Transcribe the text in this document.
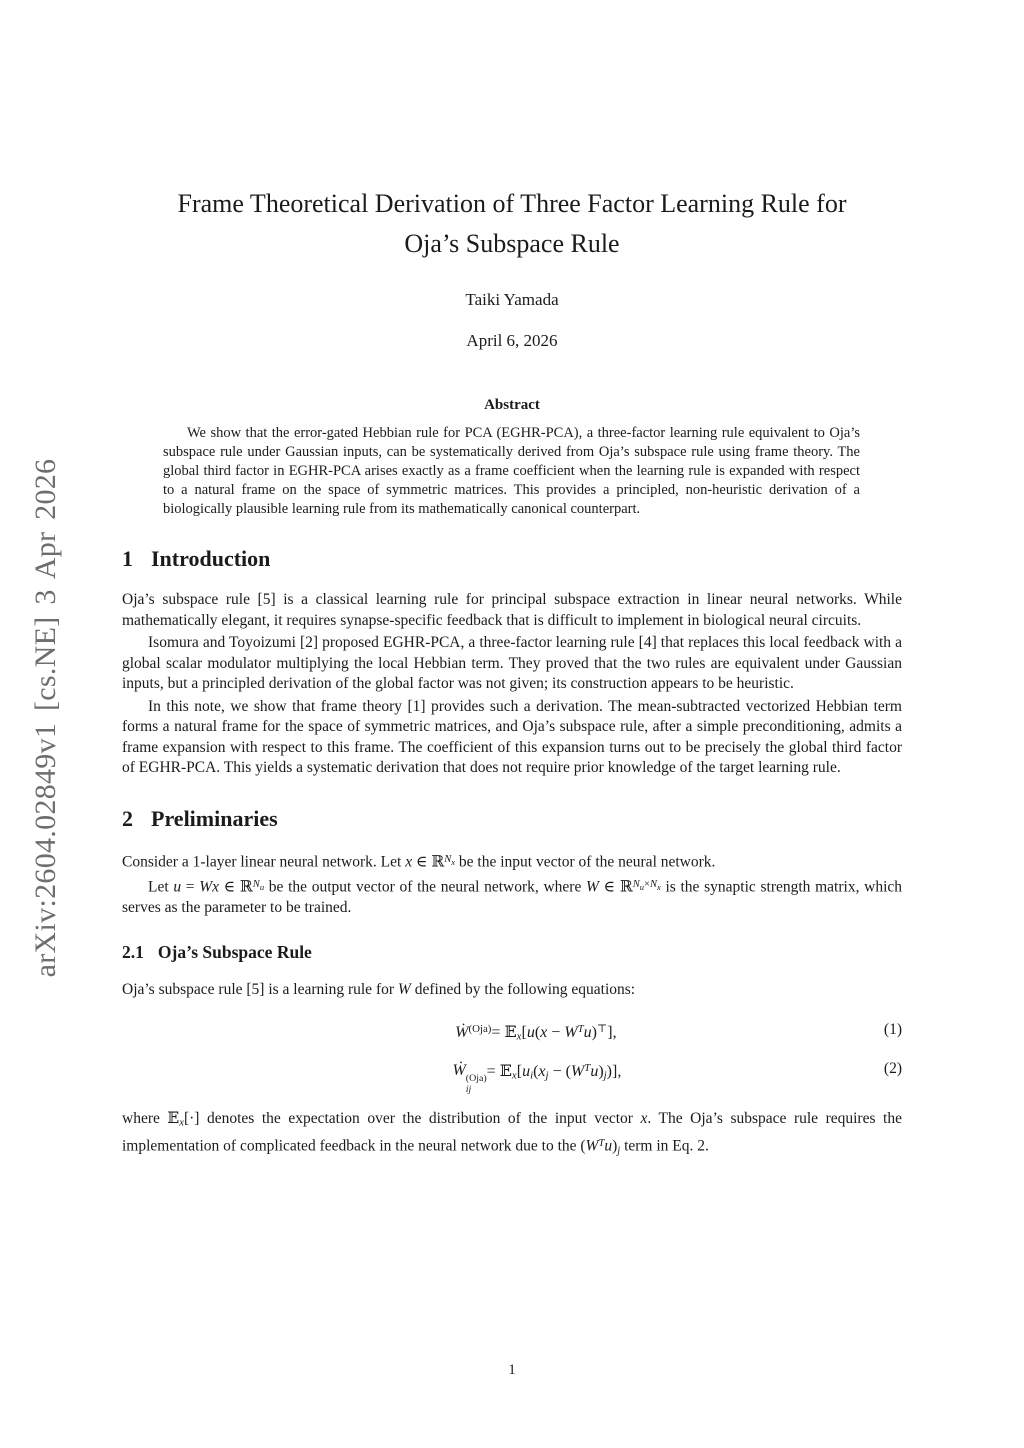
arXiv:2604.02849v1 [cs.NE] 3 Apr 2026
Frame Theoretical Derivation of Three Factor Learning Rule for
Oja’s Subspace Rule
Taiki Yamada
April 6, 2026
Abstract

We show that the error-gated Hebbian rule for PCA (EGHR-PCA), a three-factor learning rule equivalent to Oja’s subspace rule under Gaussian inputs, can be systematically derived from Oja’s subspace rule using frame theory. The global third factor in EGHR-PCA arises exactly as a frame coefficient when the learning rule is expanded with respect to a natural frame on the space of symmetric matrices. This provides a principled, non-heuristic derivation of a biologically plausible learning rule from its mathematically canonical counterpart.

1 Introduction

Oja’s subspace rule [5] is a classical learning rule for principal subspace extraction in linear neural networks. While mathematically elegant, it requires synapse-specific feedback that is difficult to implement in biological neural circuits.

Isomura and Toyoizumi [2] proposed EGHR-PCA, a three-factor learning rule [4] that replaces this local feedback with a global scalar modulator multiplying the local Hebbian term. They proved that the two rules are equivalent under Gaussian inputs, but a principled derivation of the global factor was not given; its construction appears to be heuristic.

In this note, we show that frame theory [1] provides such a derivation. The mean-subtracted vectorized Hebbian term forms a natural frame for the space of symmetric matrices, and Oja’s subspace rule, after a simple preconditioning, admits a frame expansion with respect to this frame. The coefficient of this expansion turns out to be precisely the global third factor of EGHR-PCA. This yields a systematic derivation that does not require prior knowledge of the target learning rule.

2 Preliminaries

Consider a 1-layer linear neural network. Let x ∈ ℝ$^N$x be the input vector of the neural network.

Let u = Wx ∈ ℝ$^N$u be the output vector of the neural network, where W ∈ $ℝ^Nu^{\times N}x$ is the synaptic strength matrix, which serves as the parameter to be trained.

2.1 Oja’s Subspace Rule

Oja’s subspace rule [5] is a learning rule for W defined by the following equations:

Ẇ$^{(Oja)}$ = 𝔼x[u(x − $W^Tu)^⊤$],	(1)
Ẇ (Oja)
ij
= 𝔼x[ui(xj − $(W^Tu)j$)],	(2)

where 𝔼x[·] denotes the expectation over the distribution of the input vector x. The Oja’s subspace rule requires the implementation of complicated feedback in the neural network due to the $(W^Tu)j$ term in Eq. 2.

1
